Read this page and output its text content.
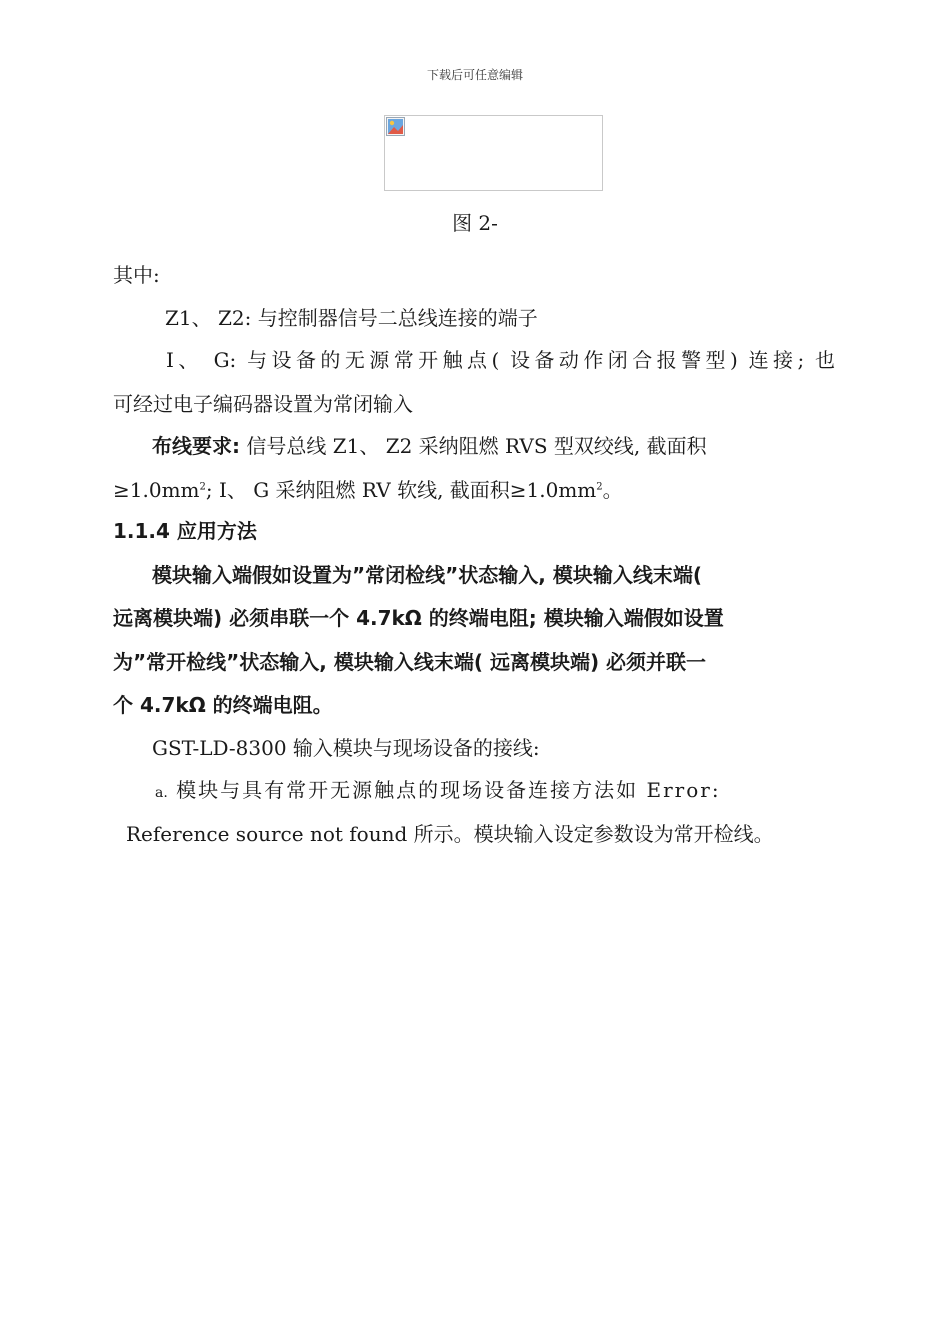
下载后可任意编辑
图 2-
其中:
Z1、 Z2: 与控制器信号二总线连接的端子
I、 G: 与设备的无源常开触点( 设备动作闭合报警型) 连接; 也
可经过电子编码器设置为常闭输入
布线要求: 信号总线 Z1、 Z2 采纳阻燃 RVS 型双绞线, 截面积
$\ge 1.0mm^2$; I、 G 采纳阻燃 RV 软线, 截面积$\ge 1.0mm^2$。
1.1.4 应用方法
模块输入端假如设置为”常闭检线”状态输入, 模块输入线末端(
远离模块端) 必须串联一个 4.7kΩ 的终端电阻; 模块输入端假如设置
为”常开检线”状态输入, 模块输入线末端( 远离模块端) 必须并联一
个 4.7kΩ 的终端电阻。
GST-LD-8300 输入模块与现场设备的接线:
a. 模块与具有常开无源触点的现场设备连接方法如 Error:
Reference source not found 所示。模块输入设定参数设为常开检线。
